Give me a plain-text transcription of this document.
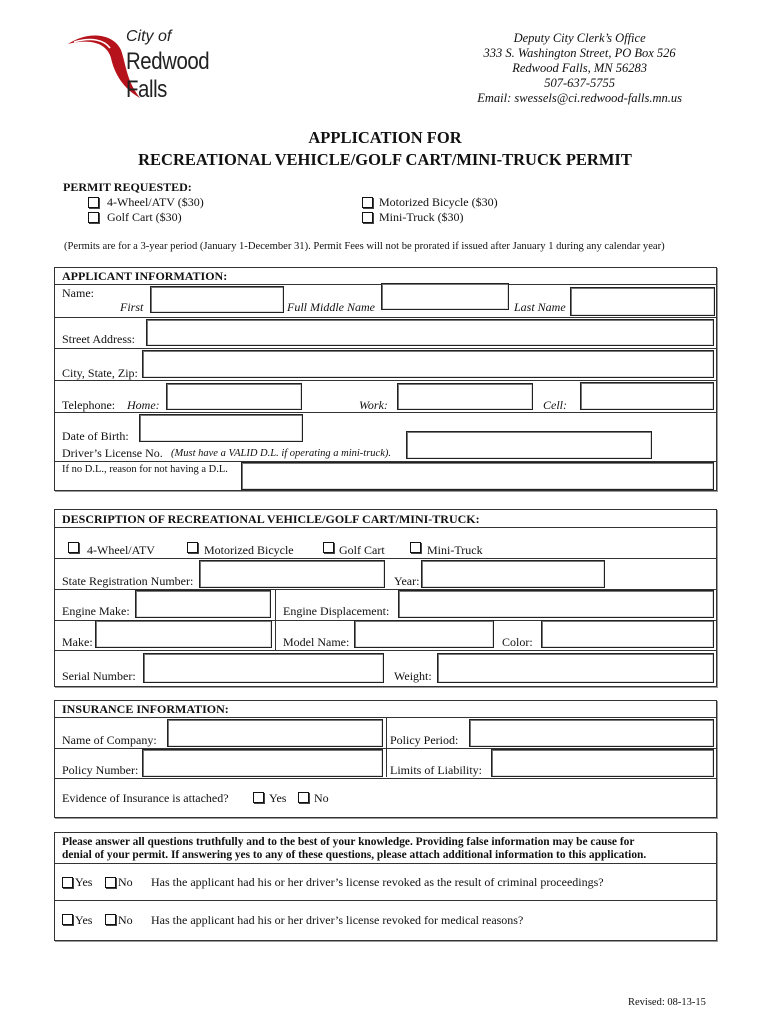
City of
Redwood Falls
Deputy City Clerk’s Office
333 S. Washington Street, PO Box 526
Redwood Falls, MN 56283
507-637-5755
Email: swessels@ci.redwood-falls.mn.us
APPLICATION FOR
RECREATIONAL VEHICLE/GOLF CART/MINI-TRUCK PERMIT
PERMIT REQUESTED:
4-Wheel/ATV ($30)
Golf Cart ($30)
Motorized Bicycle ($30)
Mini-Truck ($30)
(Permits are for a 3-year period (January 1-December 31). Permit Fees will not be prorated if issued after January 1 during any calendar year)
APPLICANT INFORMATION:
Name:
First	Full Middle Name	Last Name
Street Address:
City, State, Zip:
Telephone: Home:	Work:	Cell:
Date of Birth:
Driver’s License No. (Must have a VALID D.L. if operating a mini-truck).
If no D.L., reason for not having a D.L.
DESCRIPTION OF RECREATIONAL VEHICLE/GOLF CART/MINI-TRUCK:
4-Wheel/ATV	Motorized Bicycle	Golf Cart	Mini-Truck
State Registration Number:	Year:
Engine Make:	Engine Displacement:
Make:	Model Name:	Color:
Serial Number:	Weight:
INSURANCE INFORMATION:
Name of Company:	Policy Period:
Policy Number:	Limits of Liability:
Evidence of Insurance is attached?	Yes No
Please answer all questions truthfully and to the best of your knowledge. Providing false information may be cause for
denial of your permit. If answering yes to any of these questions, please attach additional information to this application.
Yes No Has the applicant had his or her driver’s license revoked as the result of criminal proceedings?
Yes No Has the applicant had his or her driver’s license revoked for medical reasons?
Revised: 08-13-15
